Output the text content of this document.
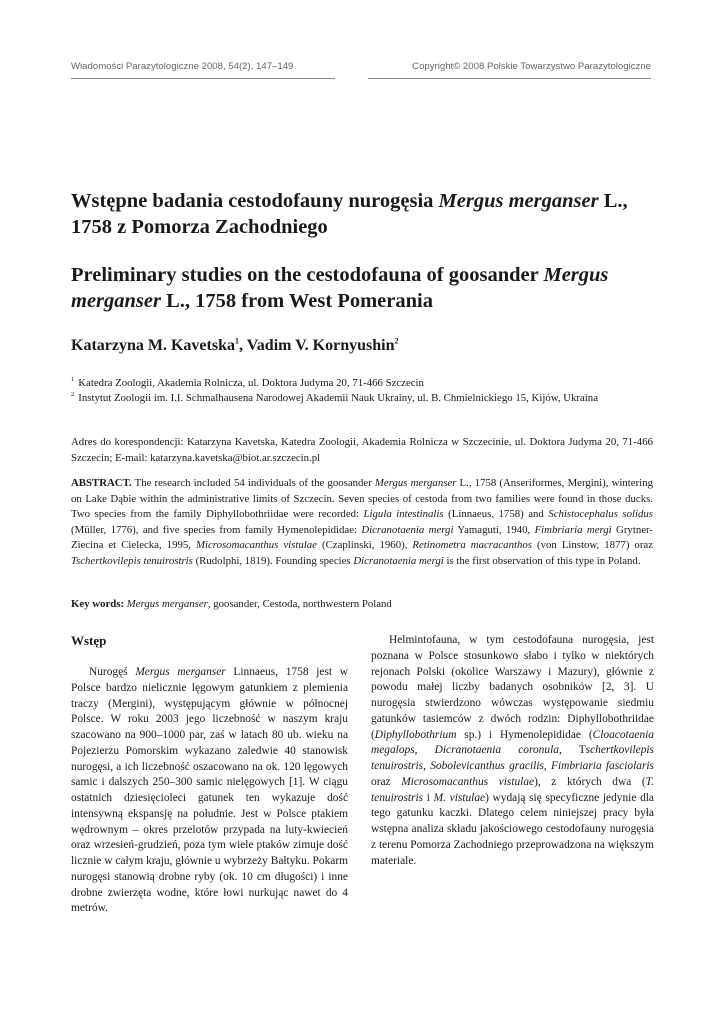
Wiadomości Parazytologiczne 2008, 54(2), 147–149	Copyright© 2008 Polskie Towarzystwo Parazytologiczne
Wstępne badania cestodofauny nurogęsia Mergus merganser L., 1758 z Pomorza Zachodniego
Preliminary studies on the cestodofauna of goosander Mergus merganser L., 1758 from West Pomerania
Katarzyna M. Kavetska$^1$, Vadim V. Kornyushin$^2$
$^1$ Katedra Zoologii, Akademia Rolnicza, ul. Doktora Judyma 20, 71-466 Szczecin
$^2$ Instytut Zoologii im. I.I. Schmalhausena Narodowej Akademii Nauk Ukrainy, ul. B. Chmielnickiego 15, Kijów, Ukraina
Adres do korespondencji: Katarzyna Kavetska, Katedra Zoologii, Akademia Rolnicza w Szczecinie, ul. Doktora Judyma 20, 71-466 Szczecin; E-mail: katarzyna.kavetska@biot.ar.szczecin.pl
ABSTRACT. The research included 54 individuals of the goosander Mergus merganser L., 1758 (Anseriformes, Mergini), wintering on Lake Dąbie within the administrative limits of Szczecin. Seven species of cestoda from two families were found in those ducks. Two species from the family Diphyllobothriidae were recorded: Ligula intestinalis (Linnaeus, 1758) and Schistocephalus solidus (Müller, 1776), and five species from family Hymenolepididae: Dicranotaenia mergi Yamaguti, 1940, Fimbriaria mergi Grytner-Ziecina et Cielecka, 1995, Microsomacanthus vistulae (Czaplinski, 1960), Retinometra macracanthos (von Linstow, 1877) oraz Tschertkovilepis tenuirostris (Rudolphi, 1819). Founding species Dicranotaenia mergi is the first observation of this type in Poland.
Key words: Mergus merganser, goosander, Cestoda, northwestern Poland
Wstęp

Nurogęś Mergus merganser Linnaeus, 1758 jest w Polsce bardzo nielicznie lęgowym gatunkiem z plemienia traczy (Mergini), występującym głównie w północnej Polsce. W roku 2003 jego liczebność w naszym kraju szacowano na 900–1000 par, zaś w latach 80 ub. wieku na Pojezierzu Pomorskim wykazano zaledwie 40 stanowisk nurogęsi, a ich liczebność oszacowano na ok. 120 lęgowych samic i dalszych 250–300 samic nielęgowych [1]. W ciągu ostatnich dziesięcioleci gatunek ten wykazuje dość intensywną ekspansję na południe. Jest w Polsce ptakiem wędrownym – okres przelotów przypada na luty-kwiecień oraz wrzesień-grudzień, poza tym wiele ptaków zimuje dość licznie w całym kraju, głównie u wybrzeży Bałtyku. Pokarm nurogęsi stanowią drobne ryby (ok. 10 cm długości) i inne drobne zwierzęta wodne, które łowi nurkując nawet do 4 metrów.

Helmintofauna, w tym cestodofauna nurogęsia, jest poznana w Polsce stosunkowo słabo i tylko w niektórych rejonach Polski (okolice Warszawy i Mazury), głównie z powodu małej liczby badanych osobników [2, 3]. U nurogęsia stwierdzono wówczas występowanie siedmiu gatunków tasiemców z dwóch rodzin: Diphyllobothriidae (Diphyllobothrium sp.) i Hymenolepididae (Cloacotaenia megalops, Dicranotaenia coronula, Tschertkovilepis tenuirostris, Sobolevicanthus gracilis, Fimbriaria fasciolaris oraz Microsomacanthus vistulae), z których dwa (T. tenuirostris i M. vistulae) wydają się specyficzne jedynie dla tego gatunku kaczki. Dlatego celem niniejszej pracy była wstępna analiza składu jakościowego cestodofauny nurogęsia z terenu Pomorza Zachodniego przeprowadzona na większym materiale.
